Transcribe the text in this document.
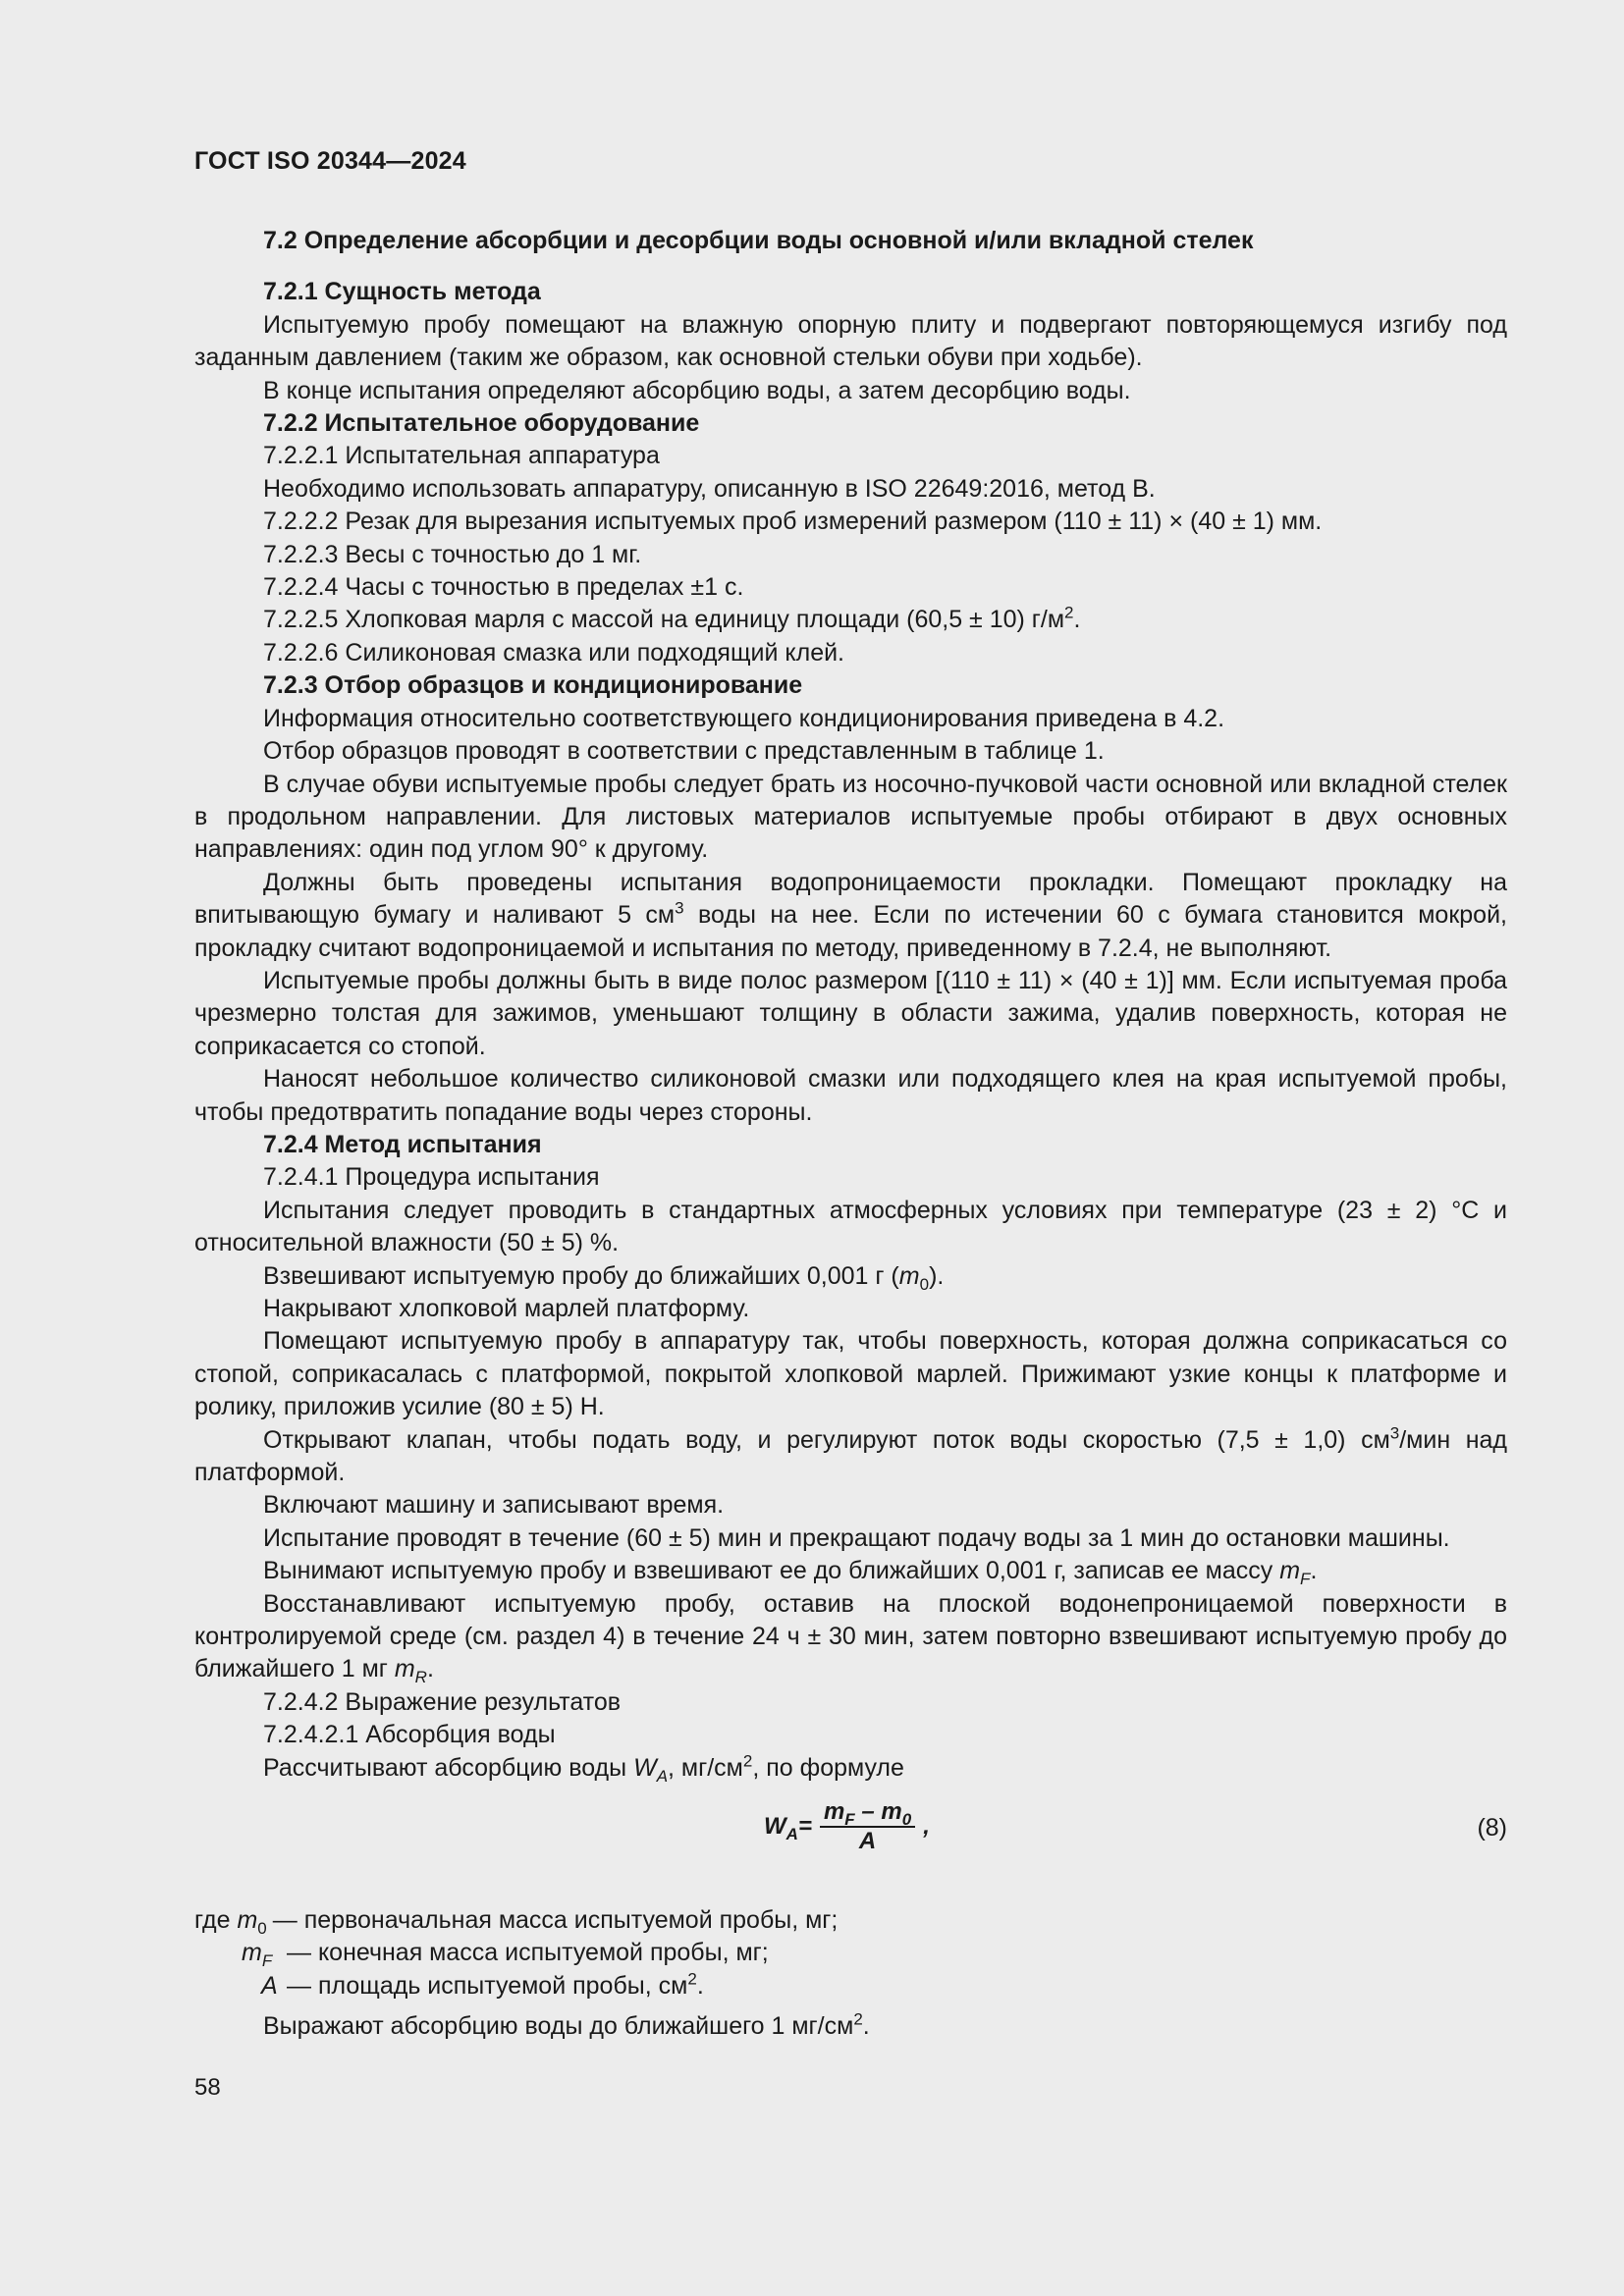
ГОСТ ISO 20344—2024

7.2 Определение абсорбции и десорбции воды основной и/или вкладной стелек

7.2.1 Сущность метода

Испытуемую пробу помещают на влажную опорную плиту и подвергают повторяющемуся изгибу под заданным давлением (таким же образом, как основной стельки обуви при ходьбе).

В конце испытания определяют абсорбцию воды, а затем десорбцию воды.

7.2.2 Испытательное оборудование

7.2.2.1 Испытательная аппаратура

Необходимо использовать аппаратуру, описанную в ISO 22649:2016, метод В.

7.2.2.2 Резак для вырезания испытуемых проб измерений размером (110 ± 11) × (40 ± 1) мм.

7.2.2.3 Весы с точностью до 1 мг.

7.2.2.4 Часы с точностью в пределах ±1 с.

7.2.2.5 Хлопковая марля с массой на единицу площади (60,5 ± 10) $г/м^2$.

7.2.2.6 Силиконовая смазка или подходящий клей.

7.2.3 Отбор образцов и кондиционирование

Информация относительно соответствующего кондиционирования приведена в 4.2.

Отбор образцов проводят в соответствии с представленным в таблице 1.

В случае обуви испытуемые пробы следует брать из носочно-пучковой части основной или вкладной стелек в продольном направлении. Для листовых материалов испытуемые пробы отбирают в двух основных направлениях: один под углом 90° к другому.

Должны быть проведены испытания водопроницаемости прокладки. Помещают прокладку на впитывающую бумагу и наливают 5 $см^3$ воды на нее. Если по истечении 60 с бумага становится мокрой, прокладку считают водопроницаемой и испытания по методу, приведенному в 7.2.4, не выполняют.

Испытуемые пробы должны быть в виде полос размером [(110 ± 11) × (40 ± 1)] мм. Если испытуемая проба чрезмерно толстая для зажимов, уменьшают толщину в области зажима, удалив поверхность, которая не соприкасается со стопой.

Наносят небольшое количество силиконовой смазки или подходящего клея на края испытуемой пробы, чтобы предотвратить попадание воды через стороны.

7.2.4 Метод испытания

7.2.4.1 Процедура испытания

Испытания следует проводить в стандартных атмосферных условиях при температуре (23 ± 2) °С и относительной влажности (50 ± 5) %.

Взвешивают испытуемую пробу до ближайших 0,001 г $(m_0)$.

Накрывают хлопковой марлей платформу.

Помещают испытуемую пробу в аппаратуру так, чтобы поверхность, которая должна соприкасаться со стопой, соприкасалась с платформой, покрытой хлопковой марлей. Прижимают узкие концы к платформе и ролику, приложив усилие (80 ± 5) Н.

Открывают клапан, чтобы подать воду, и регулируют поток воды скоростью (7,5 ± 1,0) $см^3$/мин над платформой.

Включают машину и записывают время.

Испытание проводят в течение (60 ± 5) мин и прекращают подачу воды за 1 мин до остановки машины.

Вынимают испытуемую пробу и взвешивают ее до ближайших 0,001 г, записав ее массу $m_F$.

Восстанавливают испытуемую пробу, оставив на плоской водонепроницаемой поверхности в контролируемой среде (см. раздел 4) в течение 24 ч ± 30 мин, затем повторно взвешивают испытуемую пробу до ближайшего 1 мг $m_R$.

7.2.4.2 Выражение результатов

7.2.4.2.1 Абсорбция воды

Рассчитывают абсорбцию воды $W_A$, $мг/см^2$, по формуле

$W_A = \frac{m_F - m_0}{A}$ ,	(8)
где $m_0$ — первоначальная масса испытуемой пробы, мг;
$m_F$ — конечная масса испытуемой пробы, мг;
A — площадь испытуемой пробы, $см^2$.

Выражают абсорбцию воды до ближайшего 1 $мг/см^2$.

58
